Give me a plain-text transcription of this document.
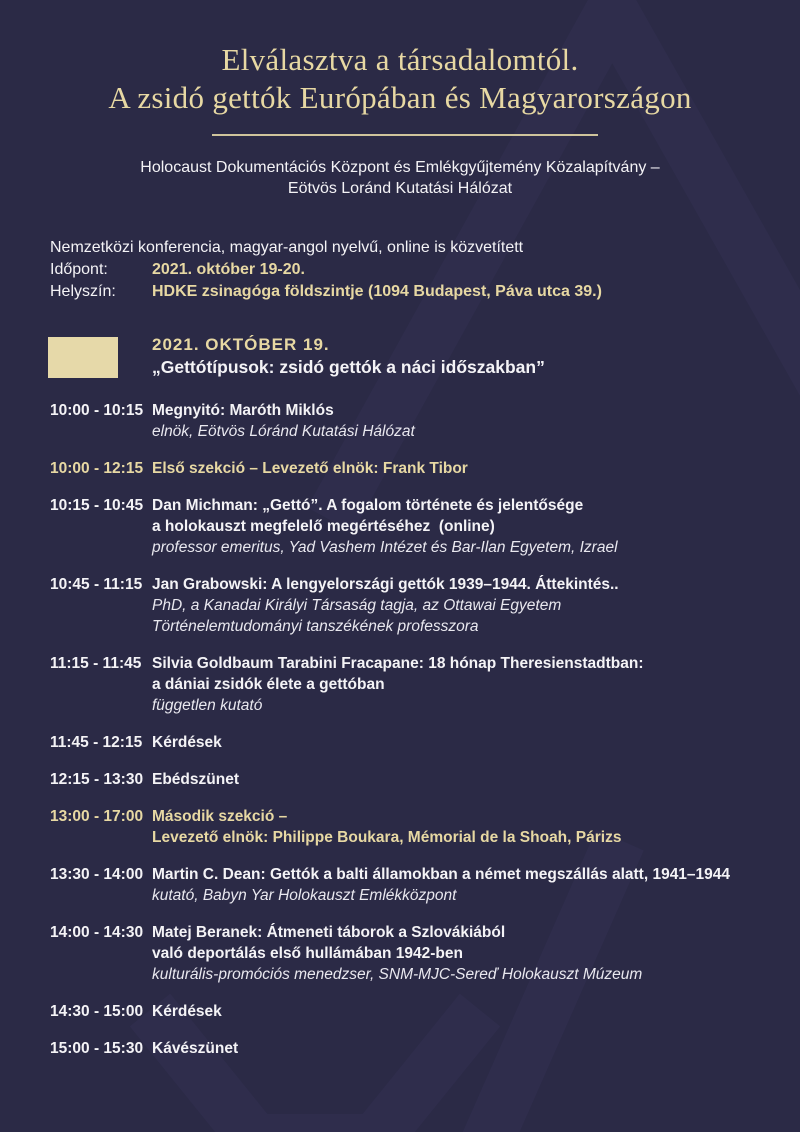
Elválasztva a társadalomtól.
A zsidó gettók Európában és Magyarországon
Holocaust Dokumentációs Központ és Emlékgyűjtemény Közalapítvány –
Eötvös Loránd Kutatási Hálózat
Nemzetközi konferencia, magyar-angol nyelvű, online is közvetített
Időpont:	2021. október 19-20.
Helyszín:	HDKE zsinagóga földszintje (1094 Budapest, Páva utca 39.)
2021. OKTÓBER 19.
„Gettótípusok: zsidó gettók a náci időszakban”
10:00 - 10:15 Megnyitó: Maróth Miklós
elnök, Eötvös Lóránd Kutatási Hálózat
10:00 - 12:15 Első szekció – Levezető elnök: Frank Tibor
10:15 - 10:45 Dan Michman: „Gettó”. A fogalom története és jelentősége
a holokauszt megfelelő megértéséhez  (online)
professor emeritus, Yad Vashem Intézet és Bar-Ilan Egyetem, Izrael
10:45 - 11:15 Jan Grabowski: A lengyelországi gettók 1939–1944. Áttekintés..
PhD, a Kanadai Királyi Társaság tagja, az Ottawai Egyetem
Történelemtudományi tanszékének professzora
11:15 - 11:45 Silvia Goldbaum Tarabini Fracapane: 18 hónap Theresienstadtban:
a dániai zsidók élete a gettóban
független kutató
11:45 - 12:15 Kérdések
12:15 - 13:30 Ebédszünet
13:00 - 17:00 Második szekció –
Levezető elnök: Philippe Boukara, Mémorial de la Shoah, Párizs
13:30 - 14:00 Martin C. Dean: Gettók a balti államokban a német megszállás alatt, 1941–1944
kutató, Babyn Yar Holokauszt Emlékközpont
14:00 - 14:30 Matej Beranek: Átmeneti táborok a Szlovákiából
való deportálás első hullámában 1942-ben
kulturális-promóciós menedzser, SNM-MJC-Sereď Holokauszt Múzeum
14:30 - 15:00 Kérdések
15:00 - 15:30 Kávészünet
